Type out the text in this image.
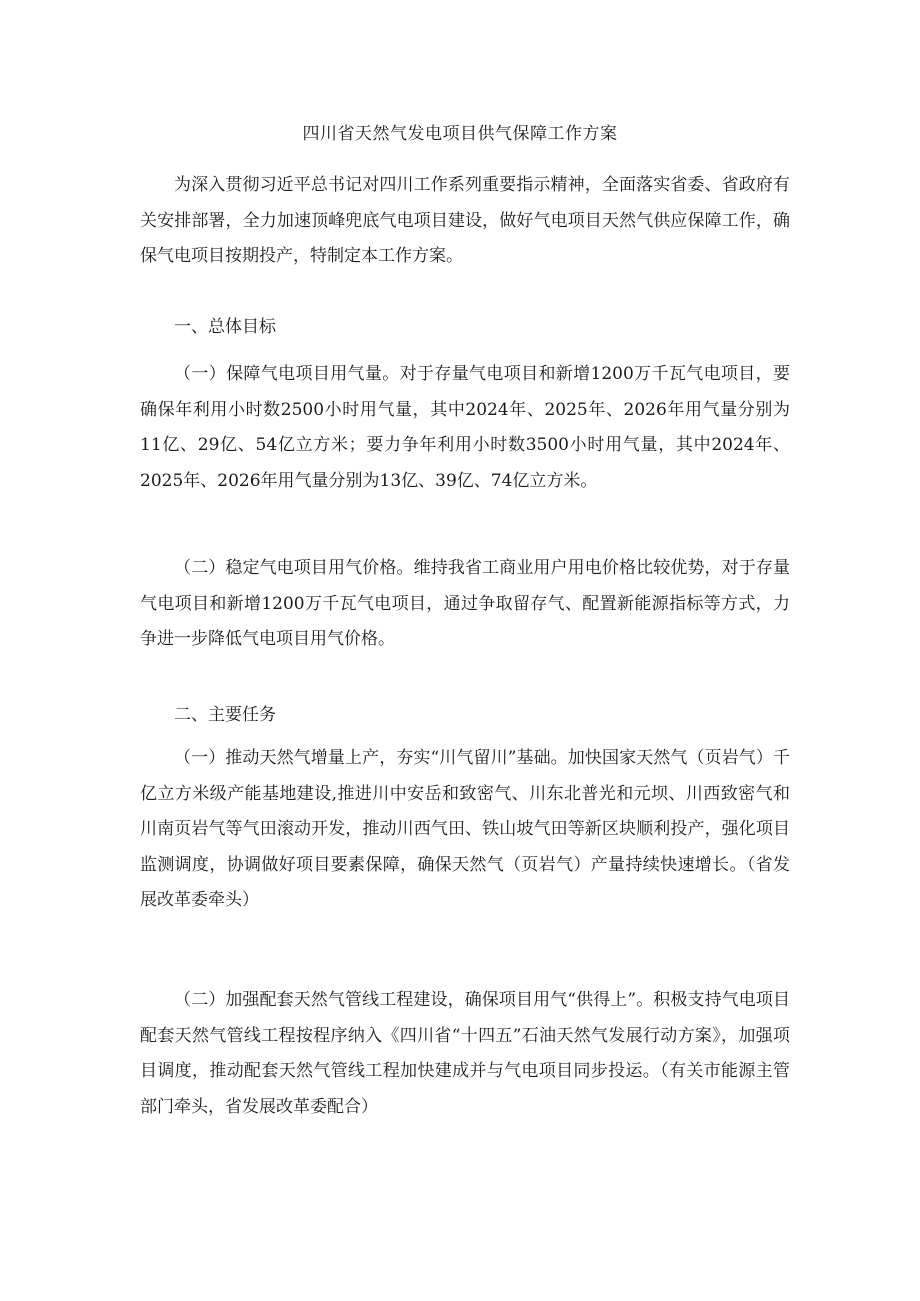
四川省天然气发电项目供气保障工作方案

为深入贯彻习近平总书记对四川工作系列重要指示精神，全面落实省委、省政府有关安排部署，全力加速顶峰兜底气电项目建设，做好气电项目天然气供应保障工作，确保气电项目按期投产，特制定本工作方案。

一、总体目标

（一）保障气电项目用气量。对于存量气电项目和新增1200万千瓦气电项目，要确保年利用小时数2500小时用气量，其中2024年、2025年、2026年用气量分别为11亿、29亿、54亿立方米；要力争年利用小时数3500小时用气量，其中2024年、2025年、2026年用气量分别为13亿、39亿、74亿立方米。

（二）稳定气电项目用气价格。维持我省工商业用户用电价格比较优势，对于存量气电项目和新增1200万千瓦气电项目，通过争取留存气、配置新能源指标等方式，力争进一步降低气电项目用气价格。

二、主要任务

（一）推动天然气增量上产，夯实“川气留川”基础。加快国家天然气（页岩气）千亿立方米级产能基地建设,推进川中安岳和致密气、川东北普光和元坝、川西致密气和川南页岩气等气田滚动开发，推动川西气田、铁山坡气田等新区块顺利投产，强化项目监测调度，协调做好项目要素保障，确保天然气（页岩气）产量持续快速增长。（省发展改革委牵头）

（二）加强配套天然气管线工程建设，确保项目用气“供得上”。积极支持气电项目配套天然气管线工程按程序纳入《四川省“十四五”石油天然气发展行动方案》，加强项目调度，推动配套天然气管线工程加快建成并与气电项目同步投运。（有关市能源主管部门牵头，省发展改革委配合）
